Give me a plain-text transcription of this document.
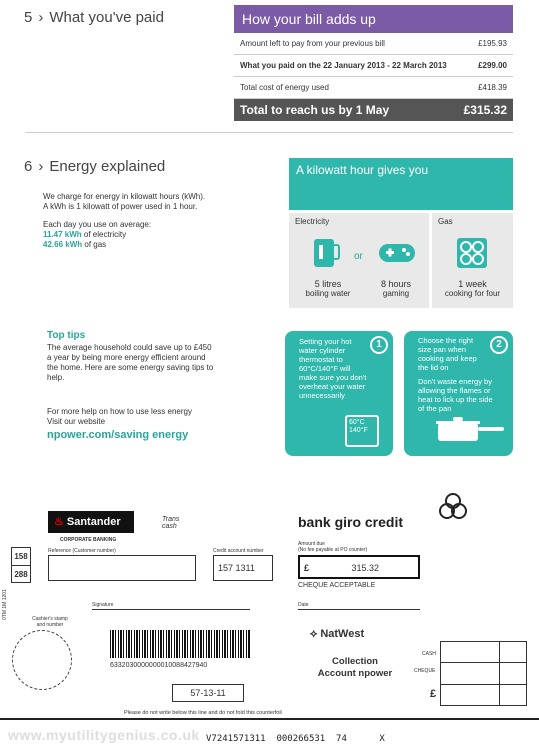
5 › What you've paid	How your bill adds up
Amount left to pay from your previous bill	£195.93
What you paid on the 22 January 2013 - 22 March 2013	£299.00
Total cost of energy used	£418.39
Total to reach us by 1 May	£315.32
6 › Energy explained
We charge for energy in kilowatt hours (kWh).
A kWh is 1 kilowatt of power used in 1 hour.
Each day you use on average:
11.47 kWh of electricity
42.66 kWh of gas
A kilowatt hour gives you
Electricity
or
5 litres
boiling water
8 hours
gaming
Gas
1 week
cooking for four
Top tips
The average household could save up to £450 a year by being more energy efficient around the home. Here are some energy saving tips to help.
For more help on how to use less energy
Visit our website
npower.com/saving energy
1
Setting your hot water cylinder thermostat to 60°C/140°F will make sure you don't overheat your water unnecessarily
60°C
140°F
2
Choose the right size pan when cooking and keep the lid on
Don't waste energy by allowing the flames or heat to lick up the side of the pan
♨ Santander
CORPORATE BANKING
Trans
cash	bank giro credit
158
288
0TM 1M 1201
Reference (Customer number)	Credit account number
157 1311
Amount due
(No fee payable at PO counter)
£	315.32
CHEQUE ACCEPTABLE
Signature	Date
Cashier's stamp and number
6332030000000010088427940
57-13-11
⟡ NatWest
Collection
Account npower
CASH
CHEQUE
£
Please do not write below this line and do not fold this counterfoil
www.myutilitygenius.co.uk V7241571311  000266531  74      X
